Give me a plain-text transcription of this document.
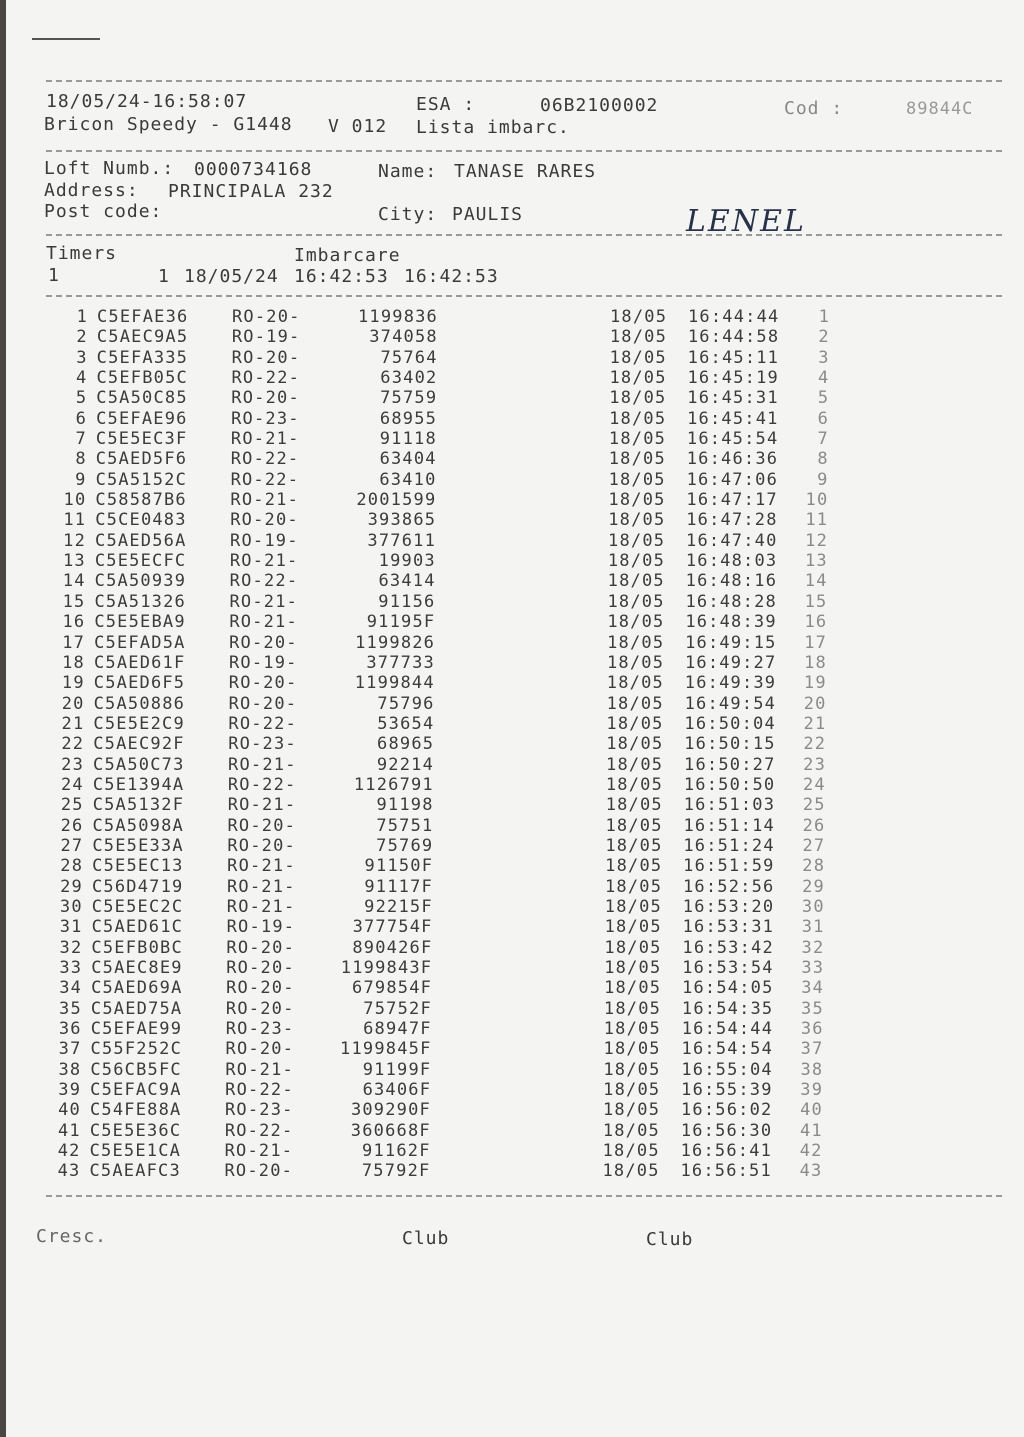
18/05/24-16:58:07	ESA :	06B2100002	Cod :	89844C
Bricon Speedy - G1448 V 012 Lista imbarc.
Loft Numb.: 0000734168	Name: TANASE RARES
Address: PRINCIPALA 232
Post code:	City: PAULIS	LENEL
Timers	Imbarcare
1	1 18/05/24 16:42:53 16:42:53
1 C5EFAE36	RO-20-	1199836	18/05 16:44:44	1
2 C5AEC9A5	RO-19-	374058	18/05 16:44:58	2
3 C5EFA335	RO-20-	75764	18/05 16:45:11	3
4 C5EFB05C	RO-22-	63402	18/05 16:45:19	4
5 C5A50C85	RO-20-	75759	18/05 16:45:31	5
6 C5EFAE96	RO-23-	68955	18/05 16:45:41	6
7 C5E5EC3F	RO-21-	91118	18/05 16:45:54	7
8 C5AED5F6	RO-22-	63404	18/05 16:46:36	8
9 C5A5152C	RO-22-	63410	18/05 16:47:06	9
10 C58587B6	RO-21-	2001599	18/05 16:47:17	10
11 C5CE0483	RO-20-	393865	18/05 16:47:28	11
12 C5AED56A	RO-19-	377611	18/05 16:47:40	12
13 C5E5ECFC	RO-21-	19903	18/05 16:48:03	13
14 C5A50939	RO-22-	63414	18/05 16:48:16	14
15 C5A51326	RO-21-	91156	18/05 16:48:28	15
16 C5E5EBA9	RO-21-	91195F	18/05 16:48:39	16
17 C5EFAD5A	RO-20-	1199826	18/05 16:49:15	17
18 C5AED61F	RO-19-	377733	18/05 16:49:27	18
19 C5AED6F5	RO-20-	1199844	18/05 16:49:39	19
20 C5A50886	RO-20-	75796	18/05 16:49:54	20
21 C5E5E2C9	RO-22-	53654	18/05 16:50:04	21
22 C5AEC92F	RO-23-	68965	18/05 16:50:15	22
23 C5A50C73	RO-21-	92214	18/05 16:50:27	23
24 C5E1394A	RO-22-	1126791	18/05 16:50:50	24
25 C5A5132F	RO-21-	91198	18/05 16:51:03	25
26 C5A5098A	RO-20-	75751	18/05 16:51:14	26
27 C5E5E33A	RO-20-	75769	18/05 16:51:24	27
28 C5E5EC13	RO-21-	91150F	18/05 16:51:59	28
29 C56D4719	RO-21-	91117F	18/05 16:52:56	29
30 C5E5EC2C	RO-21-	92215F	18/05 16:53:20	30
31 C5AED61C	RO-19-	377754F	18/05 16:53:31	31
32 C5EFB0BC	RO-20-	890426F	18/05 16:53:42	32
33 C5AEC8E9	RO-20-	1199843F	18/05 16:53:54	33
34 C5AED69A	RO-20-	679854F	18/05 16:54:05	34
35 C5AED75A	RO-20-	75752F	18/05 16:54:35	35
36 C5EFAE99	RO-23-	68947F	18/05 16:54:44	36
37 C55F252C	RO-20-	1199845F	18/05 16:54:54	37
38 C56CB5FC	RO-21-	91199F	18/05 16:55:04	38
39 C5EFAC9A	RO-22-	63406F	18/05 16:55:39	39
40 C54FE88A	RO-23-	309290F	18/05 16:56:02	40
41 C5E5E36C	RO-22-	360668F	18/05 16:56:30	41
42 C5E5E1CA	RO-21-	91162F	18/05 16:56:41	42
43 C5AEAFC3	RO-20-	75792F	18/05 16:56:51	43
Cresc.	Club	Club
